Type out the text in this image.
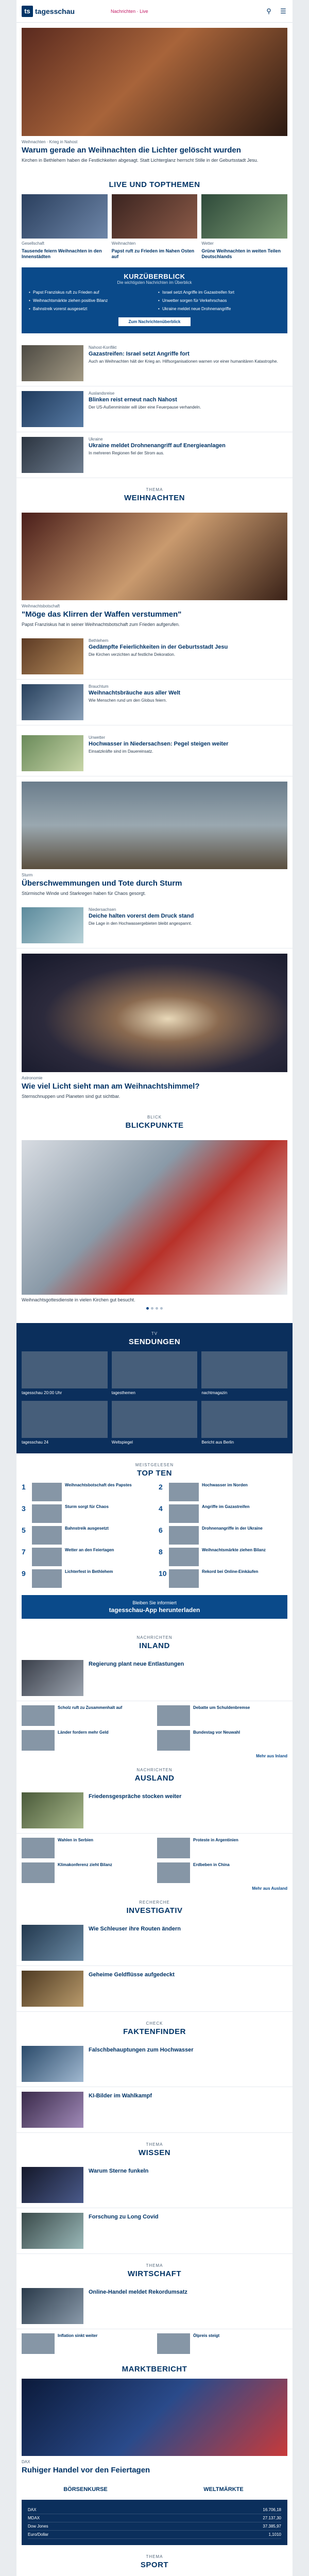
ts tagesschau	Nachrichten · Live	⚲ ☰
Weihnachten · Krieg in Nahost
Warum gerade an Weihnachten die Lichter gelöscht wurden
Kirchen in Bethlehem haben die Festlichkeiten abgesagt. Statt Lichterglanz herrscht Stille in der Geburtsstadt Jesu.
LIVE UND TOPTHEMEN
Gesellschaft
Tausende feiern Weihnachten in den Innenstädten
Weihnachten
Papst ruft zu Frieden im Nahen Osten auf
Wetter
Grüne Weihnachten in weiten Teilen Deutschlands
KURZÜBERBLICK
Die wichtigsten Nachrichten im Überblick
• Papst Franziskus ruft zu Frieden auf	• Israel setzt Angriffe im Gazastreifen fort
• Weihnachtsmärkte ziehen positive Bilanz	• Unwetter sorgen für Verkehrschaos
• Bahnstreik vorerst ausgesetzt	• Ukraine meldet neue Drohnenangriffe
Zum Nachrichtenüberblick
Nahost-Konflikt
Gazastreifen: Israel setzt Angriffe fort
Auch an Weihnachten hält der Krieg an. Hilfsorganisationen warnen vor einer humanitären Katastrophe.
Auslandsreise
Blinken reist erneut nach Nahost
Der US-Außenminister will über eine Feuerpause verhandeln.
Ukraine
Ukraine meldet Drohnenangriff auf Energieanlagen
In mehreren Regionen fiel der Strom aus.
THEMA
WEIHNACHTEN
Weihnachtsbotschaft
"Möge das Klirren der Waffen verstummen"
Papst Franziskus hat in seiner Weihnachtsbotschaft zum Frieden aufgerufen.
Bethlehem
Gedämpfte Feierlichkeiten in der Geburtsstadt Jesu
Die Kirchen verzichten auf festliche Dekoration.
Brauchtum
Weihnachtsbräuche aus aller Welt
Wie Menschen rund um den Globus feiern.
Unwetter
Hochwasser in Niedersachsen: Pegel steigen weiter
Einsatzkräfte sind im Dauereinsatz.
Sturm
Überschwemmungen und Tote durch Sturm
Stürmische Winde und Starkregen haben für Chaos gesorgt.
Niedersachsen
Deiche halten vorerst dem Druck stand
Die Lage in den Hochwassergebieten bleibt angespannt.
Astronomie
Wie viel Licht sieht man am Weihnachtshimmel?
Sternschnuppen und Planeten sind gut sichtbar.
BLICK
BLICKPUNKTE
Weihnachtsgottesdienste in vielen Kirchen gut besucht.
TV
SENDUNGEN
tagesschau 20:00 Uhr	tagesthemen	nachtmagazin
tagesschau 24	Weltspiegel	Bericht aus Berlin
MEISTGELESEN
TOP TEN
1	Weihnachtsbotschaft des Papstes	2	Hochwasser im Norden
3	Sturm sorgt für Chaos	4	Angriffe im Gazastreifen
5	Bahnstreik ausgesetzt	6	Drohnenangriffe in der Ukraine
7	Wetter an den Feiertagen	8	Weihnachtsmärkte ziehen Bilanz
9	Lichterfest in Bethlehem	10	Rekord bei Online-Einkäufen
Bleiben Sie informiert
tagesschau-App herunterladen
NACHRICHTEN
INLAND
Regierung plant neue Entlastungen
Scholz ruft zu Zusammenhalt auf	Debatte um Schuldenbremse
Länder fordern mehr Geld	Bundestag vor Neuwahl
Mehr aus Inland
NACHRICHTEN
AUSLAND
Friedensgespräche stocken weiter
Wahlen in Serbien	Proteste in Argentinien
Klimakonferenz zieht Bilanz	Erdbeben in China
Mehr aus Ausland
RECHERCHE
INVESTIGATIV
Wie Schleuser ihre Routen ändern
Geheime Geldflüsse aufgedeckt
CHECK
FAKTENFINDER
Falschbehauptungen zum Hochwasser
KI-Bilder im Wahlkampf
THEMA
WISSEN
Warum Sterne funkeln
Forschung zu Long Covid
THEMA
WIRTSCHAFT
Online-Handel meldet Rekordumsatz
Inflation sinkt weiter	Ölpreis steigt
MARKTBERICHT
DAX
Ruhiger Handel vor den Feiertagen
BÖRSENKURSE	WELTMÄRKTE
DAX	16.706,18
MDAX	27.137,30
Dow Jones	37.385,97
Euro/Dollar	1,1010
THEMA
SPORT
